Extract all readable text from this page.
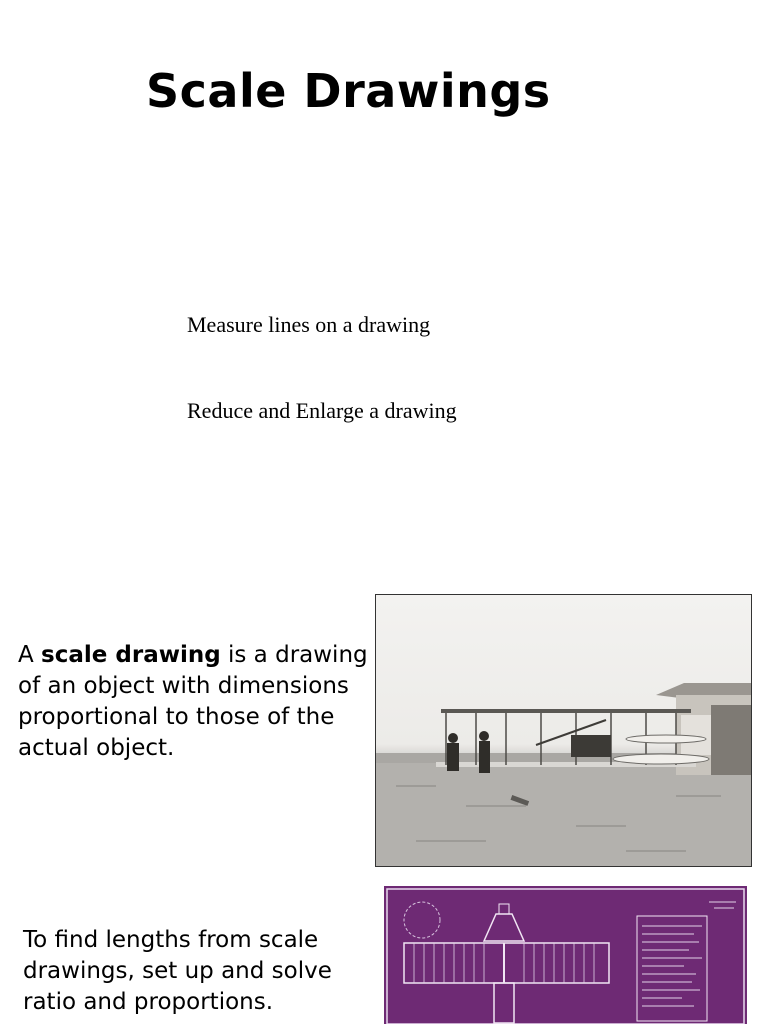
Scale Drawings
Measure lines on a drawing
Reduce and Enlarge a drawing
A scale drawing is a drawing of an object with dimensions proportional to those of the actual object.
To find lengths from scale drawings, set up and solve ratio and proportions.
